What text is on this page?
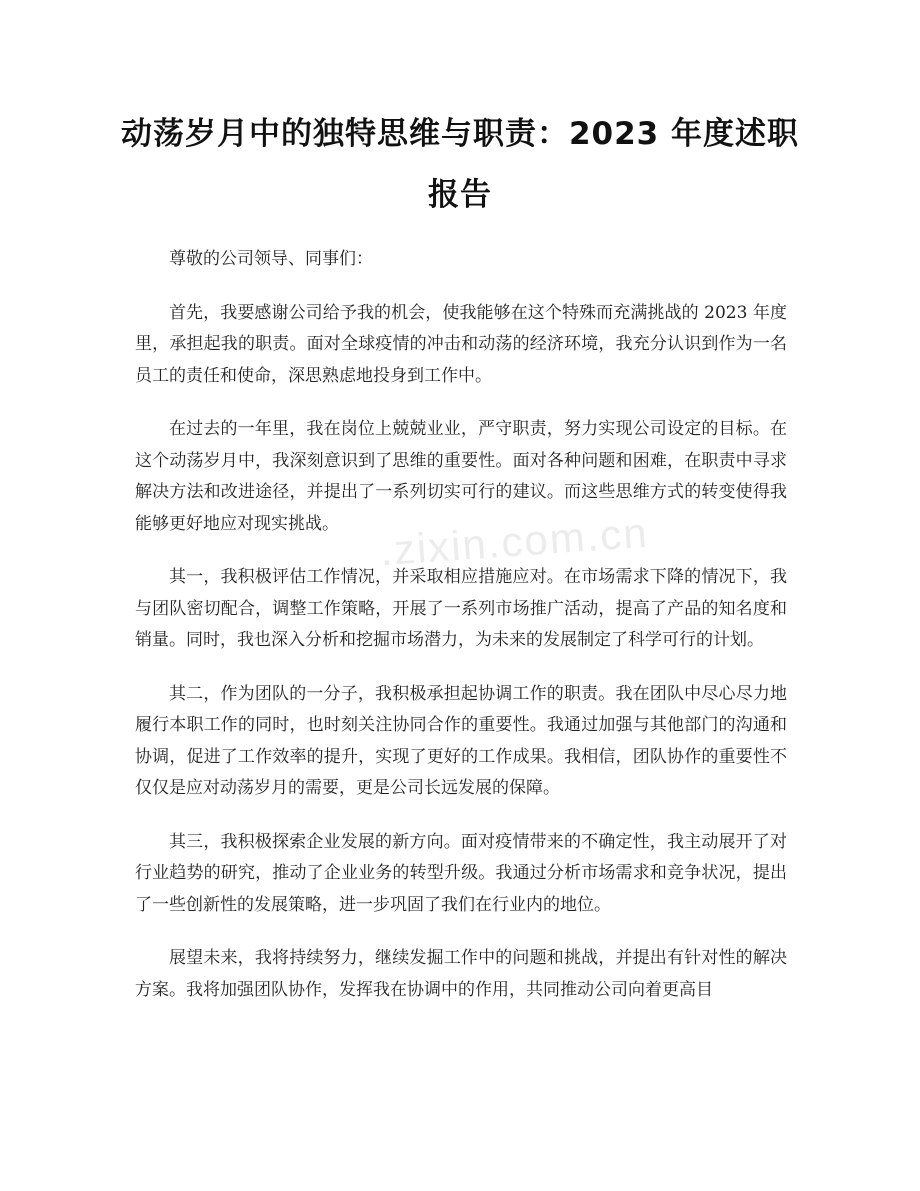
动荡岁月中的独特思维与职责：2023 年度述职报告
.zixin.com.cn

尊敬的公司领导、同事们：

首先，我要感谢公司给予我的机会，使我能够在这个特殊而充满挑战的 2023 年度里，承担起我的职责。面对全球疫情的冲击和动荡的经济环境，我充分认识到作为一名员工的责任和使命，深思熟虑地投身到工作中。

在过去的一年里，我在岗位上兢兢业业，严守职责，努力实现公司设定的目标。在这个动荡岁月中，我深刻意识到了思维的重要性。面对各种问题和困难，在职责中寻求解决方法和改进途径，并提出了一系列切实可行的建议。而这些思维方式的转变使得我能够更好地应对现实挑战。

其一，我积极评估工作情况，并采取相应措施应对。在市场需求下降的情况下，我与团队密切配合，调整工作策略，开展了一系列市场推广活动，提高了产品的知名度和销量。同时，我也深入分析和挖掘市场潜力，为未来的发展制定了科学可行的计划。

其二，作为团队的一分子，我积极承担起协调工作的职责。我在团队中尽心尽力地履行本职工作的同时，也时刻关注协同合作的重要性。我通过加强与其他部门的沟通和协调，促进了工作效率的提升，实现了更好的工作成果。我相信，团队协作的重要性不仅仅是应对动荡岁月的需要，更是公司长远发展的保障。

其三，我积极探索企业发展的新方向。面对疫情带来的不确定性，我主动展开了对行业趋势的研究，推动了企业业务的转型升级。我通过分析市场需求和竞争状况，提出了一些创新性的发展策略，进一步巩固了我们在行业内的地位。

展望未来，我将持续努力，继续发掘工作中的问题和挑战，并提出有针对性的解决方案。我将加强团队协作，发挥我在协调中的作用，共同推动公司向着更高目
